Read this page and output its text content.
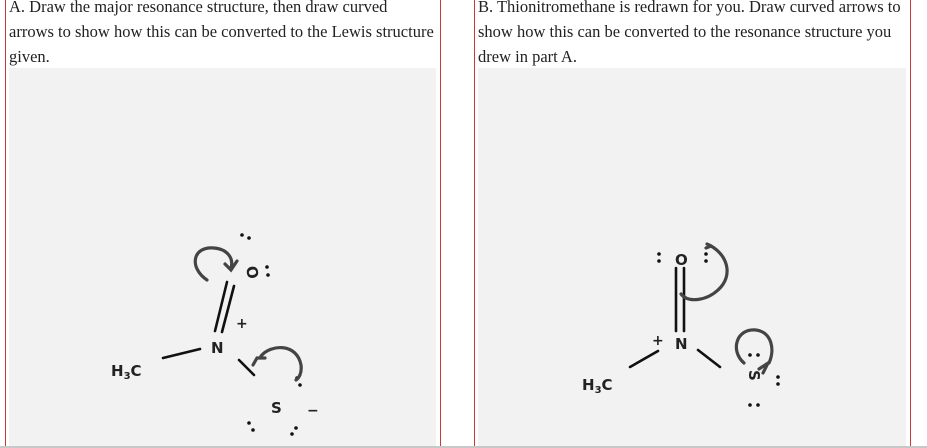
A. Draw the major resonance structure, then draw curved arrows to show how this can be converted to the Lewis structure given.

$H_3C$
N
O
S
+
−

B. Thionitromethane is redrawn for you. Draw curved arrows to show how this can be converted to the resonance structure you drew in part A.

$H_3C$
N
O
S
+
